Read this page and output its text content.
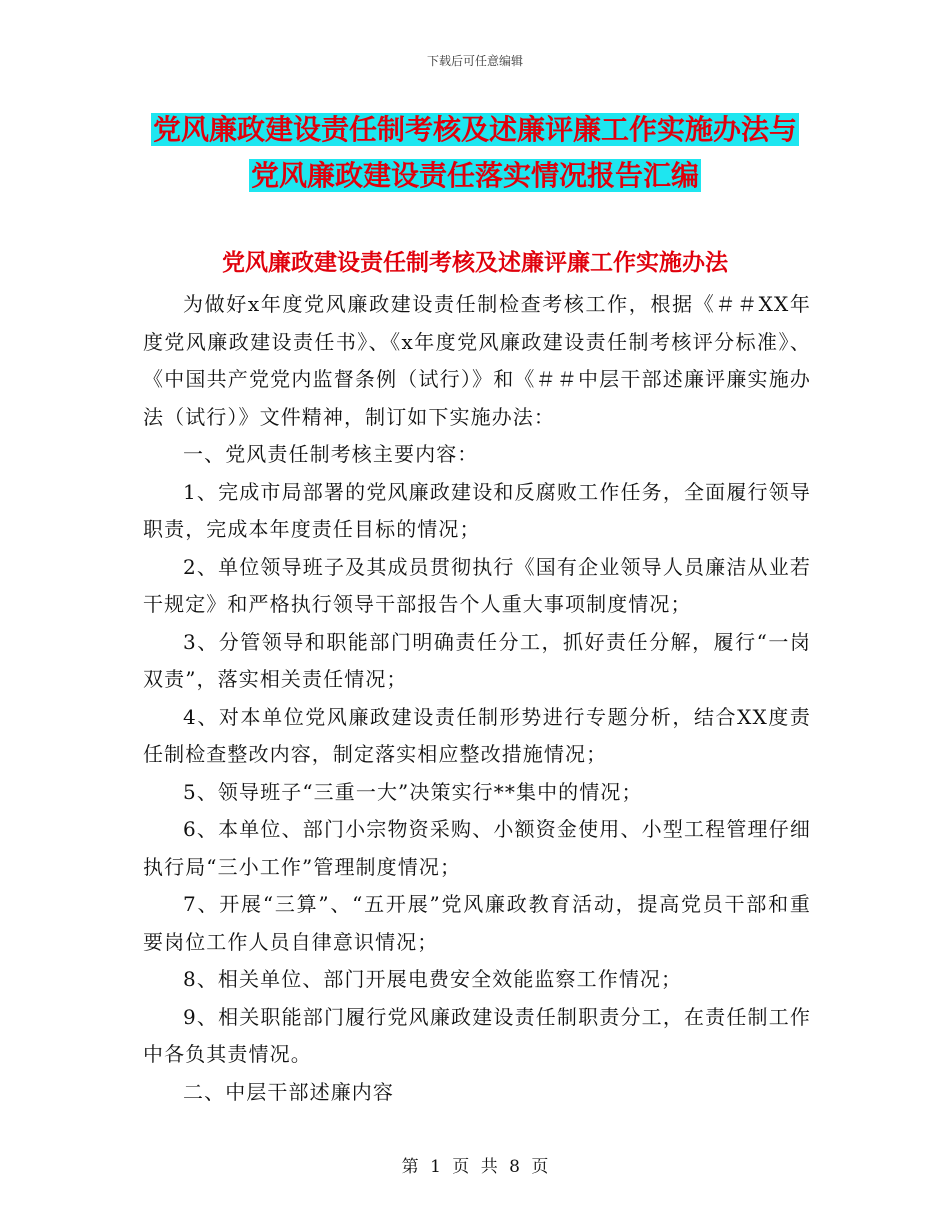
下载后可任意编辑
党风廉政建设责任制考核及述廉评廉工作实施办法与
党风廉政建设责任落实情况报告汇编
党风廉政建设责任制考核及述廉评廉工作实施办法

为做好x年度党风廉政建设责任制检查考核工作，根据《＃＃XX年度党风廉政建设责任书》、《x年度党风廉政建设责任制考核评分标准》、《中国共产党党内监督条例（试行）》和《＃＃中层干部述廉评廉实施办法（试行）》文件精神，制订如下实施办法：

一、党风责任制考核主要内容：

1、完成市局部署的党风廉政建设和反腐败工作任务，全面履行领导职责，完成本年度责任目标的情况；

2、单位领导班子及其成员贯彻执行《国有企业领导人员廉洁从业若干规定》和严格执行领导干部报告个人重大事项制度情况；

3、分管领导和职能部门明确责任分工，抓好责任分解，履行“一岗双责”，落实相关责任情况；

4、对本单位党风廉政建设责任制形势进行专题分析，结合XX度责任制检查整改内容，制定落实相应整改措施情况；

5、领导班子“三重一大”决策实行**集中的情况；

6、本单位、部门小宗物资采购、小额资金使用、小型工程管理仔细执行局“三小工作”管理制度情况；

7、开展“三算”、“五开展”党风廉政教育活动，提高党员干部和重要岗位工作人员自律意识情况；

8、相关单位、部门开展电费安全效能监察工作情况；

9、相关职能部门履行党风廉政建设责任制职责分工，在责任制工作中各负其责情况。

二、中层干部述廉内容

第 1 页 共 8 页
